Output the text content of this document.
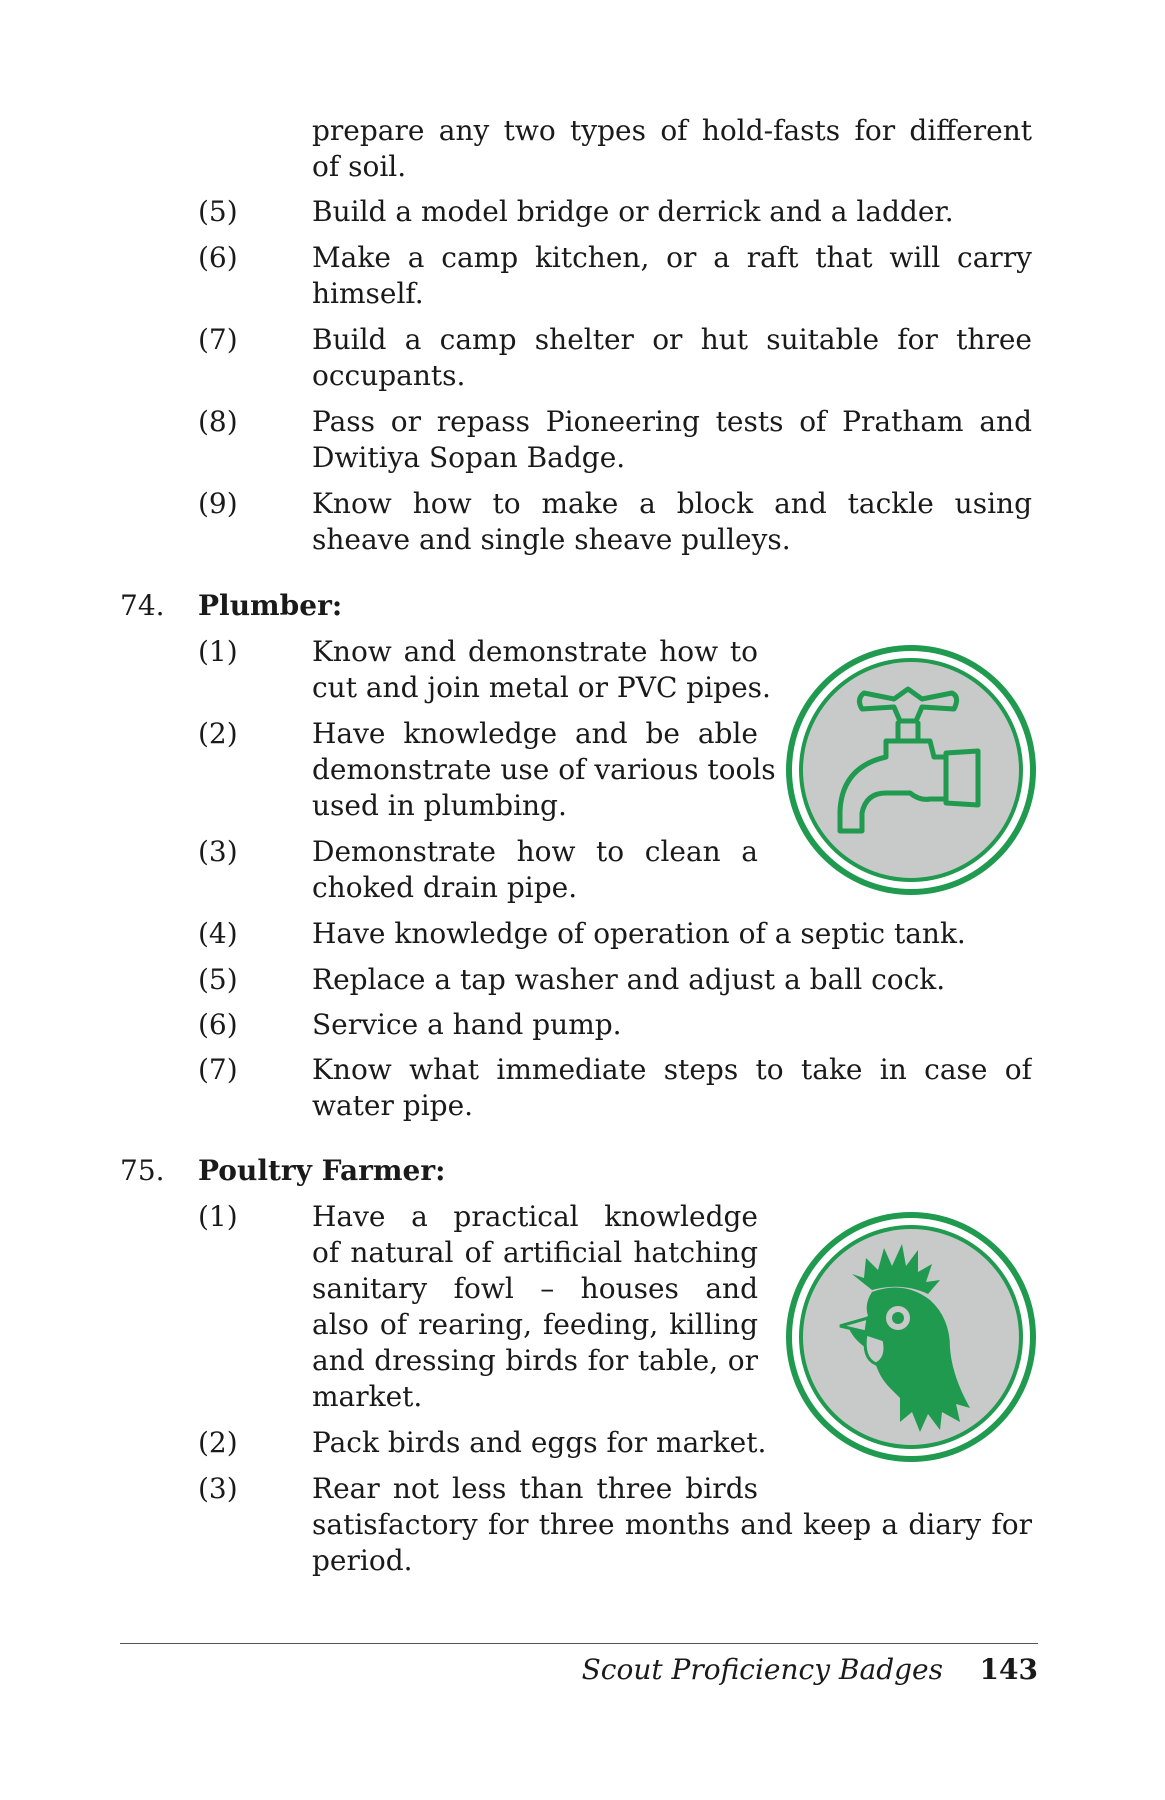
prepare any two types of hold-fasts for different
of soil.
(5)	Build a model bridge or derrick and a ladder.
(6)	Make a camp kitchen, or a raft that will carry
himself.
(7)	Build a camp shelter or hut suitable for three
occupants.
(8)	Pass or repass Pioneering tests of Pratham and
Dwitiya Sopan Badge.
(9)	Know how to make a block and tackle using
sheave and single sheave pulleys.
74. Plumber:
(1)	Know and demonstrate how to
cut and join metal or PVC pipes.
(2)	Have knowledge and be able
demonstrate use of various tools
used in plumbing.
(3)	Demonstrate how to clean a
choked drain pipe.
(4)	Have knowledge of operation of a septic tank.
(5)	Replace a tap washer and adjust a ball cock.
(6)	Service a hand pump.
(7)	Know what immediate steps to take in case of
water pipe.
75. Poultry Farmer:
(1)	Have a practical knowledge
of natural of artificial hatching
sanitary fowl – houses and
also of rearing, feeding, killing
and dressing birds for table, or
market.
(2)	Pack birds and eggs for market.
(3)	Rear not less than three birds
satisfactory for three months and keep a diary for
period.
Scout Proficiency Badges 143
